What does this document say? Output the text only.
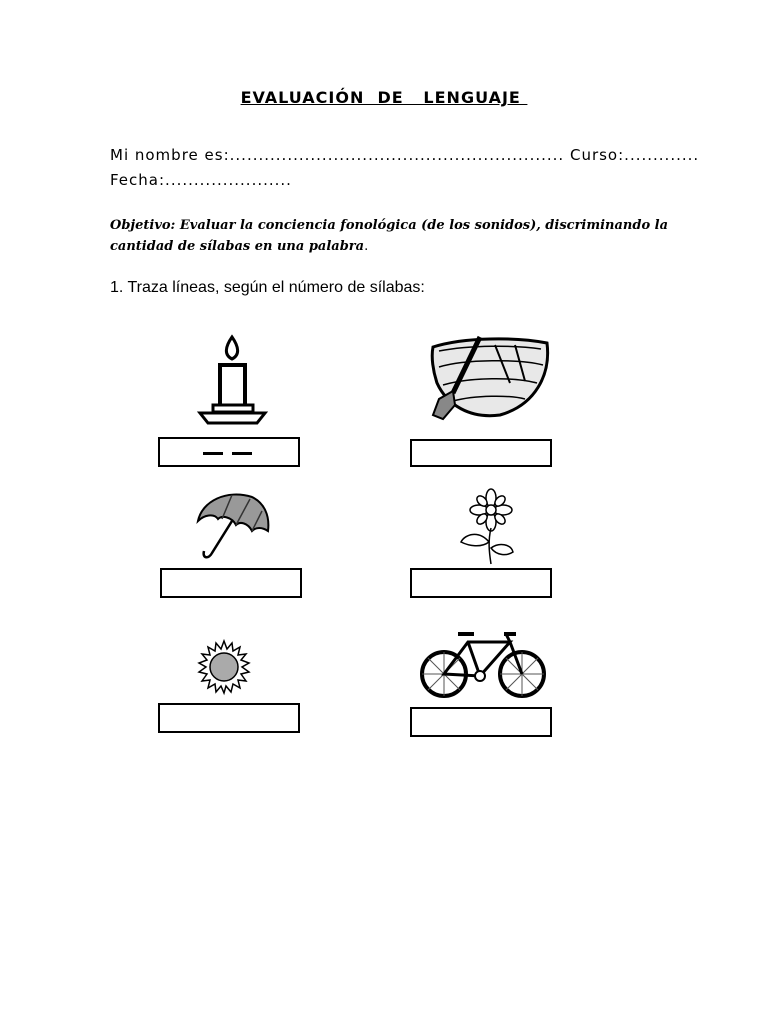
EVALUACIÓN  DE   LENGUAJE
Mi nombre es:.......................................................... Curso:.............
Fecha:......................
Objetivo: Evaluar la conciencia fonológica (de los sonidos), discriminando la cantidad de sílabas en una palabra.
1. Traza líneas, según el número de sílabas:
